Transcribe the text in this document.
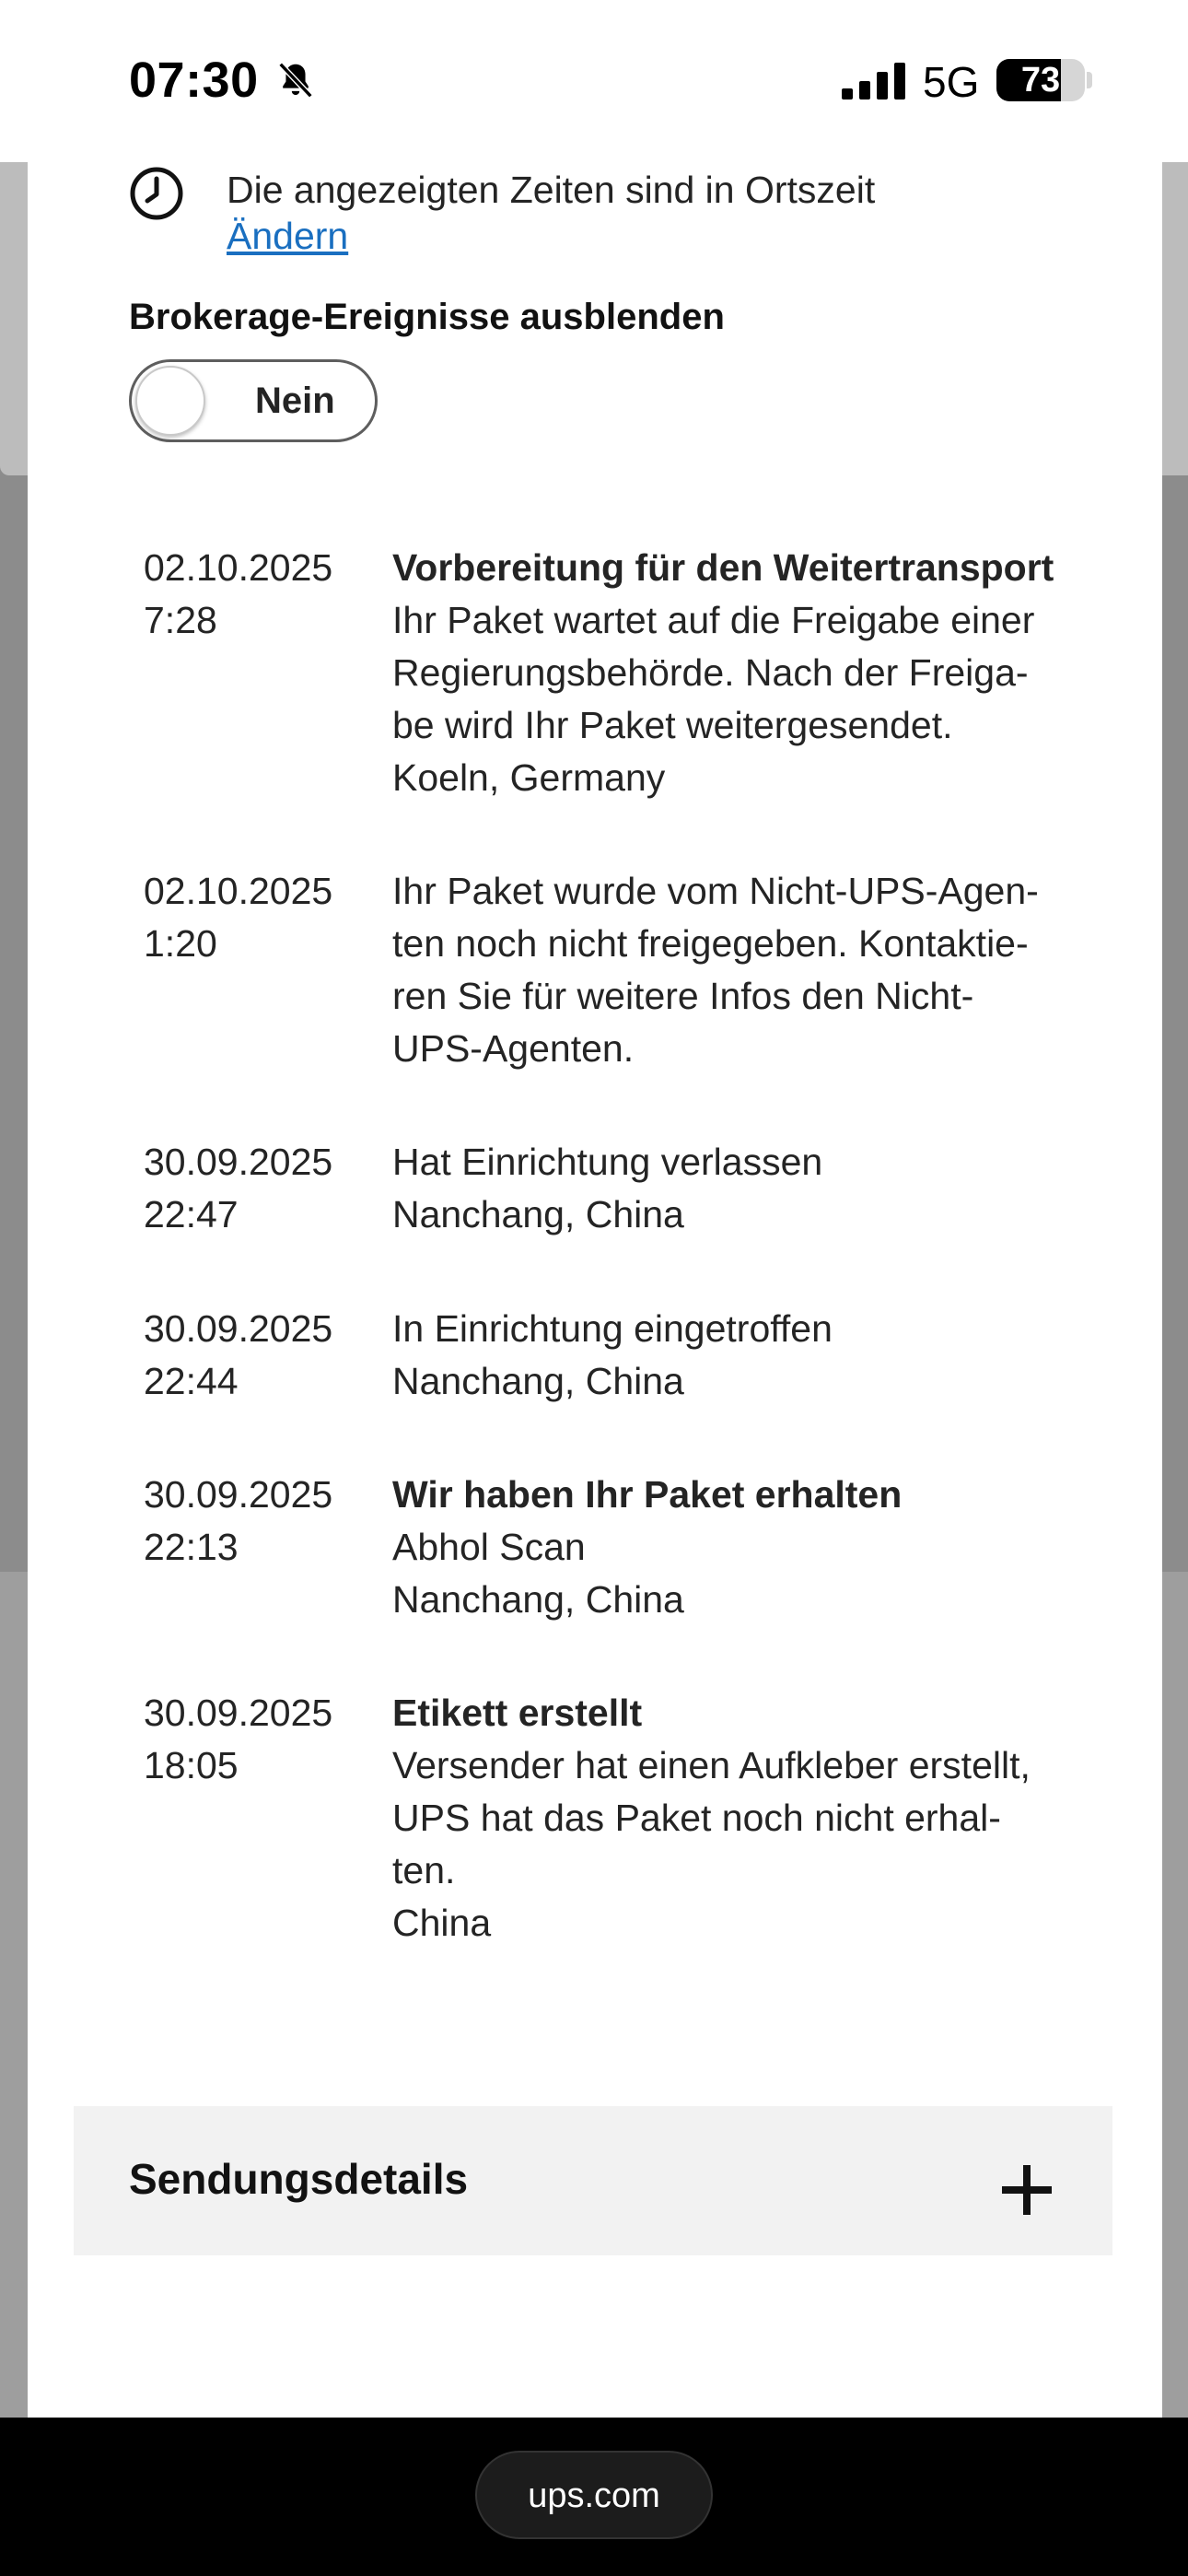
07:30	5G	73
Die angezeigten Zeiten sind in Ortszeit
Ändern
Brokerage-Ereignisse ausblenden
Nein
02.10.2025
7:28
Vorbereitung für den Weitertransport
Ihr Paket wartet auf die Freigabe einer
Regierungsbehörde. Nach der Freiga-
be wird Ihr Paket weitergesendet.
Koeln, Germany
02.10.2025
1:20
Ihr Paket wurde vom Nicht-UPS-Agen-
ten noch nicht freigegeben. Kontaktie-
ren Sie für weitere Infos den Nicht-
UPS-Agenten.
30.09.2025
22:47
Hat Einrichtung verlassen
Nanchang, China
30.09.2025
22:44
In Einrichtung eingetroffen
Nanchang, China
30.09.2025
22:13
Wir haben Ihr Paket erhalten
Abhol Scan
Nanchang, China
30.09.2025
18:05
Etikett erstellt
Versender hat einen Aufkleber erstellt,
UPS hat das Paket noch nicht erhal-
ten.
China
Sendungsdetails
ups.com
